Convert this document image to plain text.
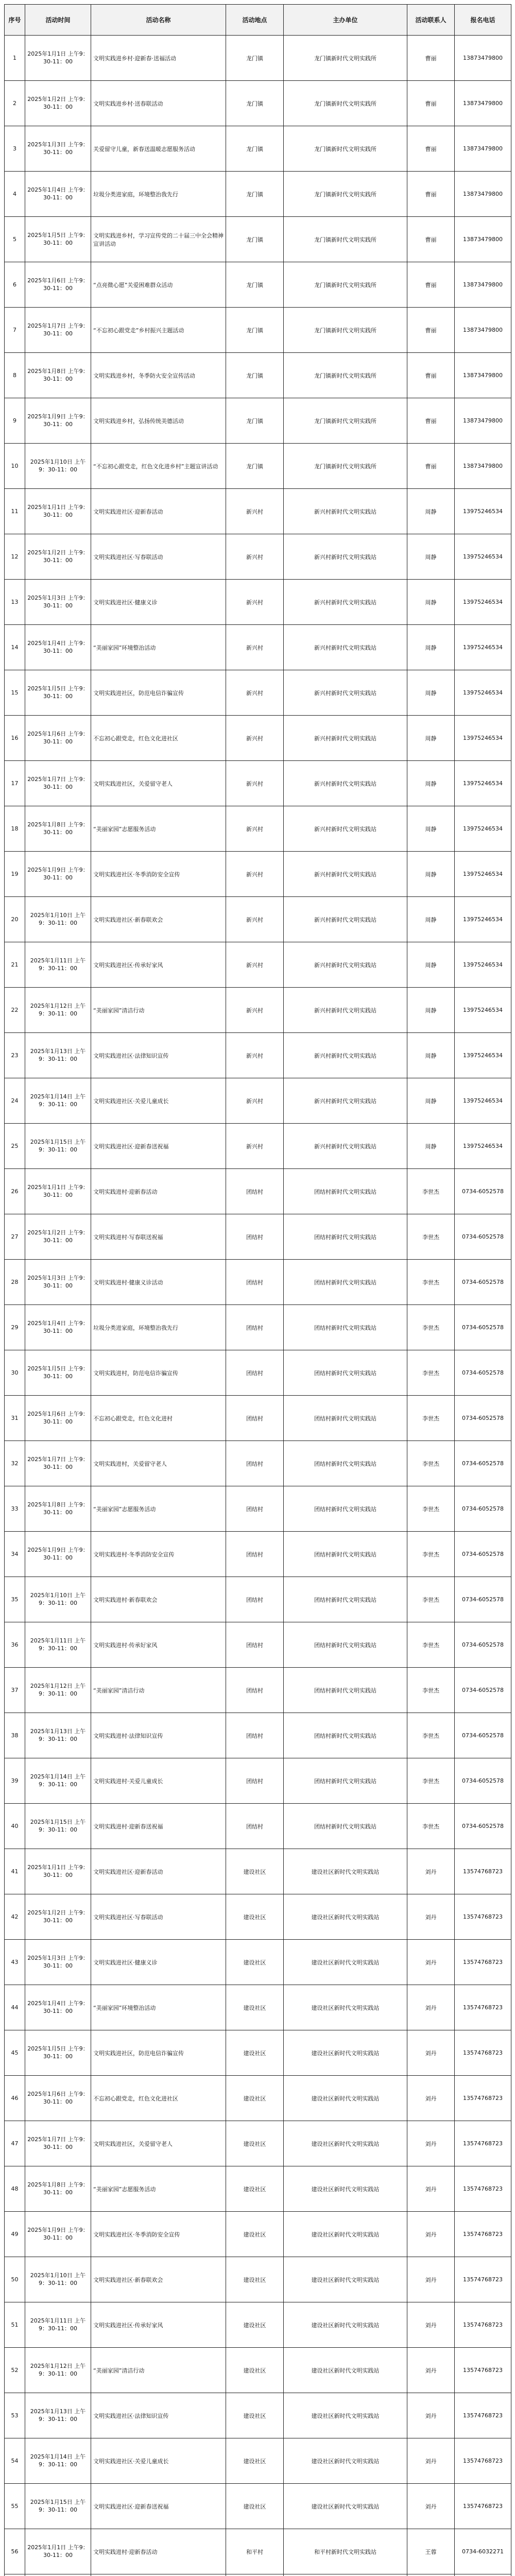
序号	活动时间	活动名称	活动地点	主办单位	活动联系人	报名电话
1	2025年1月1日 上午9：30-11：00	文明实践进乡村·迎新春·送福活动	龙门镇	龙门镇新时代文明实践所	曹丽	13873479800
2	2025年1月2日 上午9：30-11：00	文明实践进乡村·送春联活动	龙门镇	龙门镇新时代文明实践所	曹丽	13873479800
3	2025年1月3日 上午9：30-11：00	关爱留守儿童，新春送温暖志愿服务活动	龙门镇	龙门镇新时代文明实践所	曹丽	13873479800
4	2025年1月4日 上午9：30-11：00	垃圾分类进家庭，环境整治我先行	龙门镇	龙门镇新时代文明实践所	曹丽	13873479800
5	2025年1月5日 上午9：30-11：00	文明实践进乡村，学习宣传党的二十届三中全会精神宣讲活动	龙门镇	龙门镇新时代文明实践所	曹丽	13873479800
6	2025年1月6日 上午9：30-11：00	“点亮微心愿”关爱困难群众活动	龙门镇	龙门镇新时代文明实践所	曹丽	13873479800
7	2025年1月7日 上午9：30-11：00	“不忘初心跟党走”乡村振兴主题活动	龙门镇	龙门镇新时代文明实践所	曹丽	13873479800
8	2025年1月8日 上午9：30-11：00	文明实践进乡村，冬季防火安全宣传活动	龙门镇	龙门镇新时代文明实践所	曹丽	13873479800
9	2025年1月9日 上午9：30-11：00	文明实践进乡村，弘扬传统美德活动	龙门镇	龙门镇新时代文明实践所	曹丽	13873479800
10	2025年1月10日 上午9：30-11：00	“不忘初心跟党走，红色文化进乡村”主题宣讲活动	龙门镇	龙门镇新时代文明实践所	曹丽	13873479800
11	2025年1月1日 上午9：30-11：00	文明实践进社区·迎新春活动	新兴村	新兴村新时代文明实践站	周静	13975246534
12	2025年1月2日 上午9：30-11：00	文明实践进社区·写春联活动	新兴村	新兴村新时代文明实践站	周静	13975246534
13	2025年1月3日 上午9：30-11：00	文明实践进社区·健康义诊	新兴村	新兴村新时代文明实践站	周静	13975246534
14	2025年1月4日 上午9：30-11：00	“美丽家园”环境整治活动	新兴村	新兴村新时代文明实践站	周静	13975246534
15	2025年1月5日 上午9：30-11：00	文明实践进社区，防范电信诈骗宣传	新兴村	新兴村新时代文明实践站	周静	13975246534
16	2025年1月6日 上午9：30-11：00	不忘初心跟党走，红色文化进社区	新兴村	新兴村新时代文明实践站	周静	13975246534
17	2025年1月7日 上午9：30-11：00	文明实践进社区，关爱留守老人	新兴村	新兴村新时代文明实践站	周静	13975246534
18	2025年1月8日 上午9：30-11：00	“美丽家园”志愿服务活动	新兴村	新兴村新时代文明实践站	周静	13975246534
19	2025年1月9日 上午9：30-11：00	文明实践进社区·冬季消防安全宣传	新兴村	新兴村新时代文明实践站	周静	13975246534
20	2025年1月10日 上午9：30-11：00	文明实践进社区·新春联欢会	新兴村	新兴村新时代文明实践站	周静	13975246534
21	2025年1月11日 上午9：30-11：00	文明实践进社区·传承好家风	新兴村	新兴村新时代文明实践站	周静	13975246534
22	2025年1月12日 上午9：30-11：00	“美丽家园”清洁行动	新兴村	新兴村新时代文明实践站	周静	13975246534
23	2025年1月13日 上午9：30-11：00	文明实践进社区·法律知识宣传	新兴村	新兴村新时代文明实践站	周静	13975246534
24	2025年1月14日 上午9：30-11：00	文明实践进社区·关爱儿童成长	新兴村	新兴村新时代文明实践站	周静	13975246534
25	2025年1月15日 上午9：30-11：00	文明实践进社区·迎新春送祝福	新兴村	新兴村新时代文明实践站	周静	13975246534
26	2025年1月1日 上午9：30-11：00	文明实践进村·迎新春活动	团结村	团结村新时代文明实践站	李世杰	0734-6052578
27	2025年1月2日 上午9：30-11：00	文明实践进村·写春联送祝福	团结村	团结村新时代文明实践站	李世杰	0734-6052578
28	2025年1月3日 上午9：30-11：00	文明实践进村·健康义诊活动	团结村	团结村新时代文明实践站	李世杰	0734-6052578
29	2025年1月4日 上午9：30-11：00	垃圾分类进家庭，环境整治我先行	团结村	团结村新时代文明实践站	李世杰	0734-6052578
30	2025年1月5日 上午9：30-11：00	文明实践进村，防范电信诈骗宣传	团结村	团结村新时代文明实践站	李世杰	0734-6052578
31	2025年1月6日 上午9：30-11：00	不忘初心跟党走，红色文化进村	团结村	团结村新时代文明实践站	李世杰	0734-6052578
32	2025年1月7日 上午9：30-11：00	文明实践进村，关爱留守老人	团结村	团结村新时代文明实践站	李世杰	0734-6052578
33	2025年1月8日 上午9：30-11：00	“美丽家园”志愿服务活动	团结村	团结村新时代文明实践站	李世杰	0734-6052578
34	2025年1月9日 上午9：30-11：00	文明实践进村·冬季消防安全宣传	团结村	团结村新时代文明实践站	李世杰	0734-6052578
35	2025年1月10日 上午9：30-11：00	文明实践进村·新春联欢会	团结村	团结村新时代文明实践站	李世杰	0734-6052578
36	2025年1月11日 上午9：30-11：00	文明实践进村·传承好家风	团结村	团结村新时代文明实践站	李世杰	0734-6052578
37	2025年1月12日 上午9：30-11：00	“美丽家园”清洁行动	团结村	团结村新时代文明实践站	李世杰	0734-6052578
38	2025年1月13日 上午9：30-11：00	文明实践进村·法律知识宣传	团结村	团结村新时代文明实践站	李世杰	0734-6052578
39	2025年1月14日 上午9：30-11：00	文明实践进村·关爱儿童成长	团结村	团结村新时代文明实践站	李世杰	0734-6052578
40	2025年1月15日 上午9：30-11：00	文明实践进村·迎新春送祝福	团结村	团结村新时代文明实践站	李世杰	0734-6052578
41	2025年1月1日 上午9：30-11：00	文明实践进社区·迎新春活动	建设社区	建设社区新时代文明实践站	刘丹	13574768723
42	2025年1月2日 上午9：30-11：00	文明实践进社区·写春联活动	建设社区	建设社区新时代文明实践站	刘丹	13574768723
43	2025年1月3日 上午9：30-11：00	文明实践进社区·健康义诊	建设社区	建设社区新时代文明实践站	刘丹	13574768723
44	2025年1月4日 上午9：30-11：00	“美丽家园”环境整治活动	建设社区	建设社区新时代文明实践站	刘丹	13574768723
45	2025年1月5日 上午9：30-11：00	文明实践进社区，防范电信诈骗宣传	建设社区	建设社区新时代文明实践站	刘丹	13574768723
46	2025年1月6日 上午9：30-11：00	不忘初心跟党走，红色文化进社区	建设社区	建设社区新时代文明实践站	刘丹	13574768723
47	2025年1月7日 上午9：30-11：00	文明实践进社区，关爱留守老人	建设社区	建设社区新时代文明实践站	刘丹	13574768723
48	2025年1月8日 上午9：30-11：00	“美丽家园”志愿服务活动	建设社区	建设社区新时代文明实践站	刘丹	13574768723
49	2025年1月9日 上午9：30-11：00	文明实践进社区·冬季消防安全宣传	建设社区	建设社区新时代文明实践站	刘丹	13574768723
50	2025年1月10日 上午9：30-11：00	文明实践进社区·新春联欢会	建设社区	建设社区新时代文明实践站	刘丹	13574768723
51	2025年1月11日 上午9：30-11：00	文明实践进社区·传承好家风	建设社区	建设社区新时代文明实践站	刘丹	13574768723
52	2025年1月12日 上午9：30-11：00	“美丽家园”清洁行动	建设社区	建设社区新时代文明实践站	刘丹	13574768723
53	2025年1月13日 上午9：30-11：00	文明实践进社区·法律知识宣传	建设社区	建设社区新时代文明实践站	刘丹	13574768723
54	2025年1月14日 上午9：30-11：00	文明实践进社区·关爱儿童成长	建设社区	建设社区新时代文明实践站	刘丹	13574768723
55	2025年1月15日 上午9：30-11：00	文明实践进社区·迎新春送祝福	建设社区	建设社区新时代文明实践站	刘丹	13574768723
56	2025年1月1日 上午9：30-11：00	文明实践进村·迎新春活动	和平村	和平村新时代文明实践站	王蓉	0734-6032271
